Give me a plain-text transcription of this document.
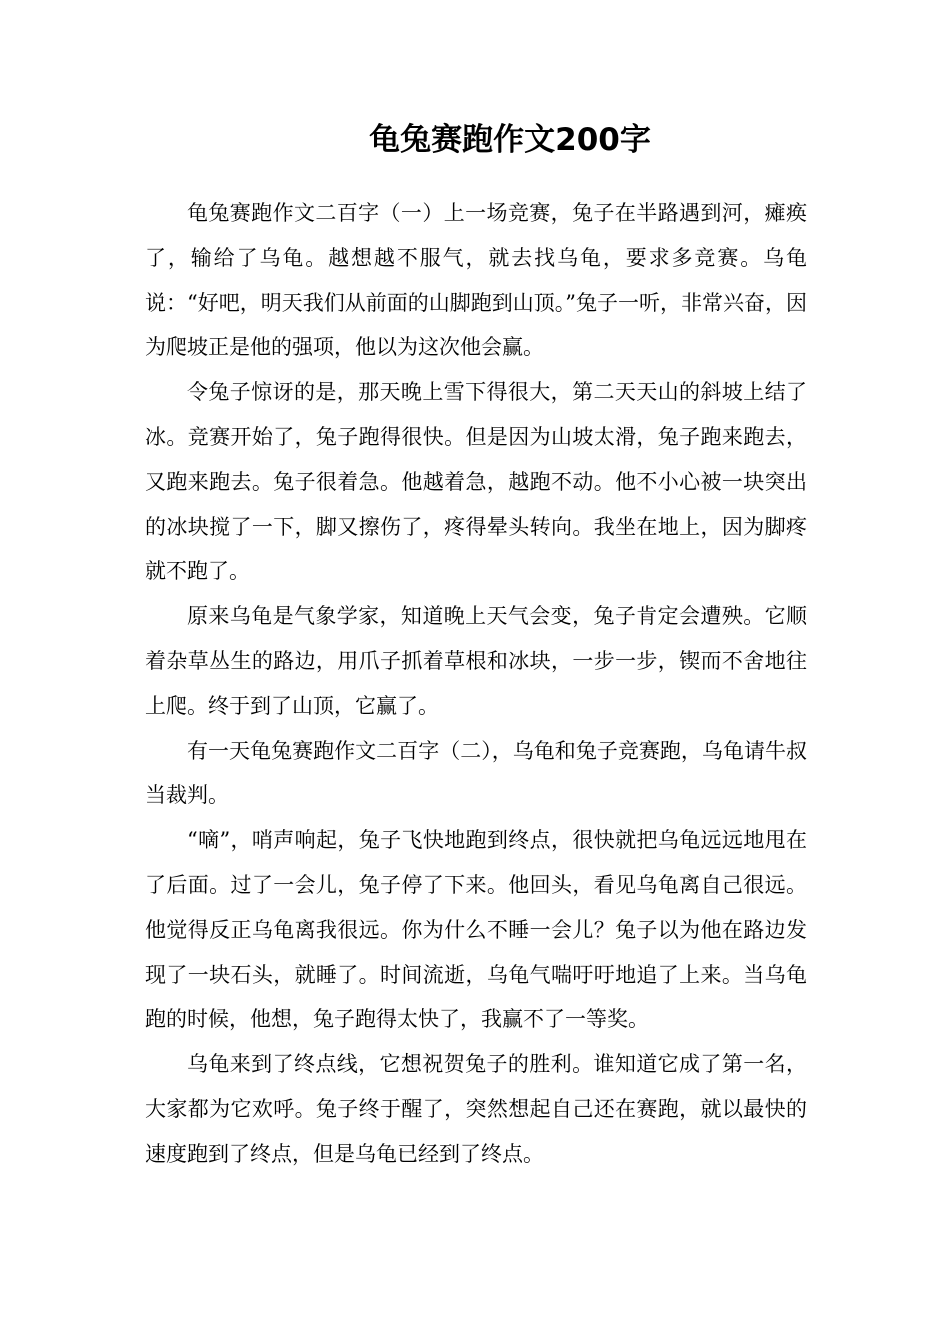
龟兔赛跑作文200字

龟兔赛跑作文二百字（一）上一场竞赛，兔子在半路遇到河，瘫痪了，输给了乌龟。越想越不服气，就去找乌龟，要求多竞赛。乌龟说：“好吧，明天我们从前面的山脚跑到山顶。”兔子一听，非常兴奋，因为爬坡正是他的强项，他以为这次他会赢。

令兔子惊讶的是，那天晚上雪下得很大，第二天天山的斜坡上结了冰。竞赛开始了，兔子跑得很快。但是因为山坡太滑，兔子跑来跑去，又跑来跑去。兔子很着急。他越着急，越跑不动。他不小心被一块突出的冰块搅了一下，脚又擦伤了，疼得晕头转向。我坐在地上，因为脚疼就不跑了。

原来乌龟是气象学家，知道晚上天气会变，兔子肯定会遭殃。它顺着杂草丛生的路边，用爪子抓着草根和冰块，一步一步，锲而不舍地往上爬。终于到了山顶，它赢了。

有一天龟兔赛跑作文二百字（二），乌龟和兔子竞赛跑，乌龟请牛叔当裁判。

“嘀”，哨声响起，兔子飞快地跑到终点，很快就把乌龟远远地甩在了后面。过了一会儿，兔子停了下来。他回头，看见乌龟离自己很远。他觉得反正乌龟离我很远。你为什么不睡一会儿？兔子以为他在路边发现了一块石头，就睡了。时间流逝，乌龟气喘吁吁地追了上来。当乌龟跑的时候，他想，兔子跑得太快了，我赢不了一等奖。

乌龟来到了终点线，它想祝贺兔子的胜利。谁知道它成了第一名，大家都为它欢呼。兔子终于醒了，突然想起自己还在赛跑，就以最快的速度跑到了终点，但是乌龟已经到了终点。
